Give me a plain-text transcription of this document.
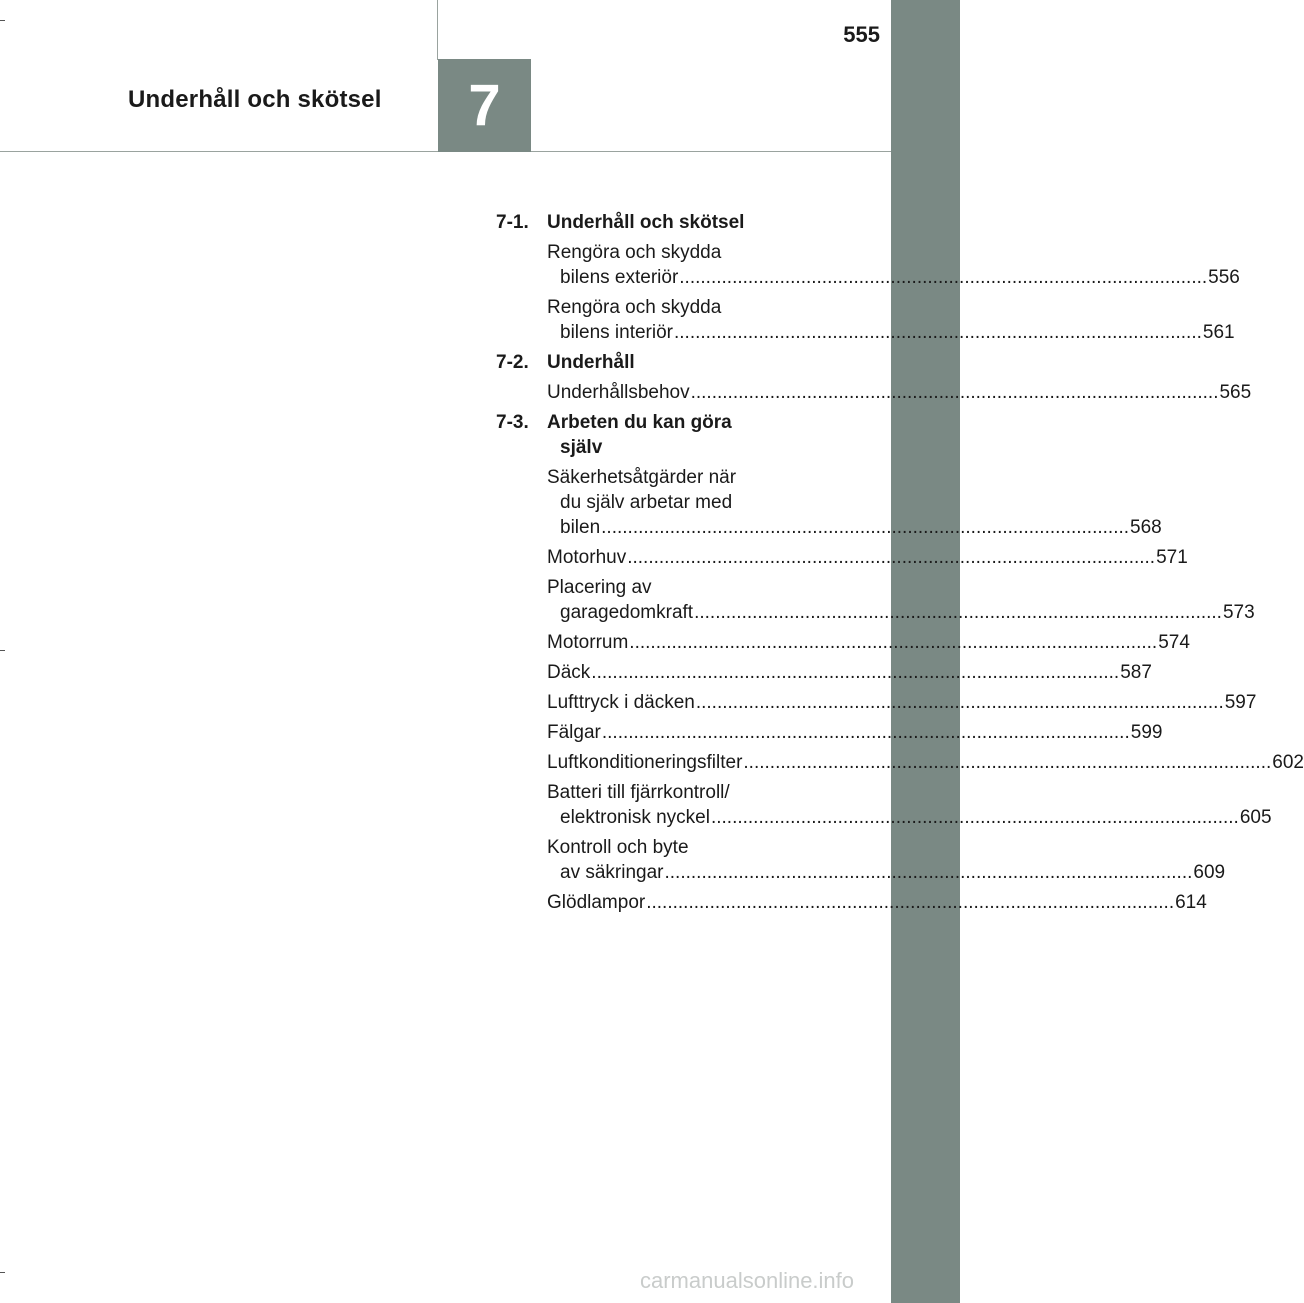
Underhåll och skötsel	7
555
7-1. Underhåll och skötsel
Rengöra och skydda
bilens exteriör .....	556
Rengöra och skydda
bilens interiör .....	561
7-2. Underhåll
Underhållsbehov .....	565
7-3. Arbeten du kan göra
själv
Säkerhetsåtgärder när
du själv arbetar med
bilen .....	568
Motorhuv .....	571
Placering av
garagedomkraft .....	573
Motorrum .....	574
Däck .....	587
Lufttryck i däcken .....	597
Fälgar .....	599
Luftkonditioneringsfilter .....	602
Batteri till fjärrkontroll/
elektronisk nyckel .....	605
Kontroll och byte
av säkringar .....	609
Glödlampor .....	614
carmanualsonline.info
